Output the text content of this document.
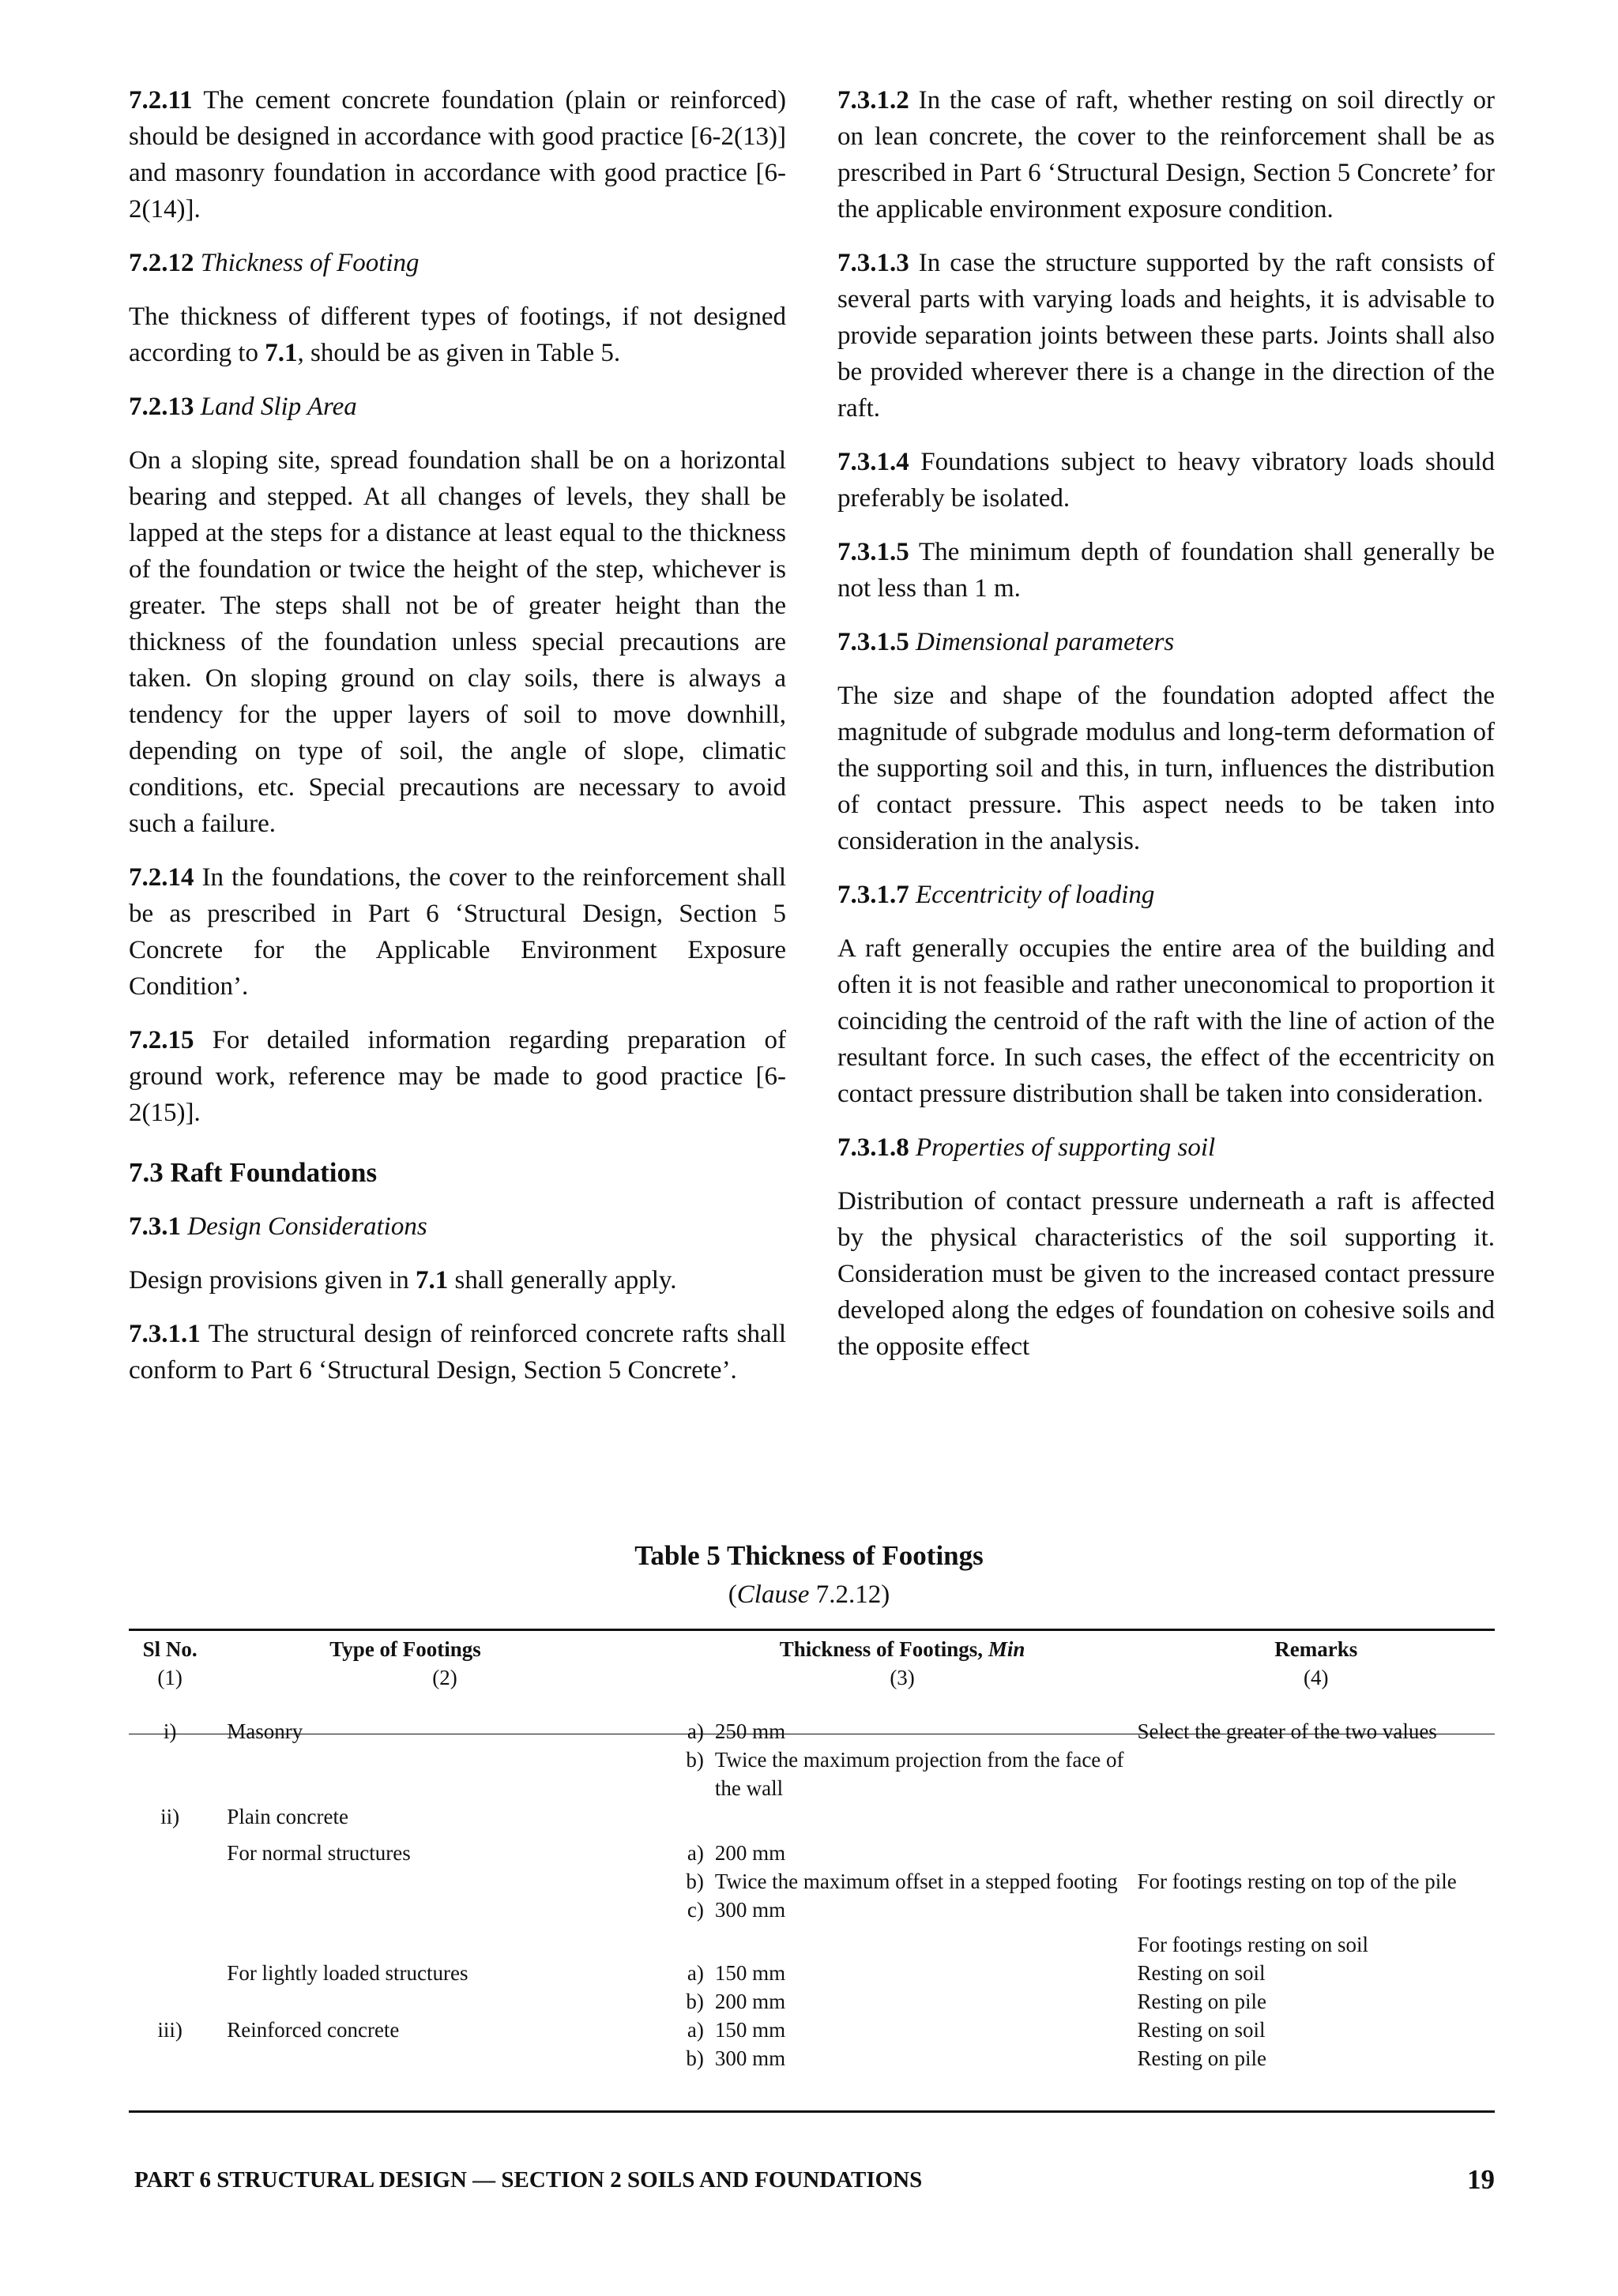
7.2.11 The cement concrete foundation (plain or reinforced) should be designed in accordance with good practice [6-2(13)] and masonry foundation in accordance with good practice [6-2(14)].

7.2.12 Thickness of Footing

The thickness of different types of footings, if not designed according to 7.1, should be as given in Table 5.

7.2.13 Land Slip Area

On a sloping site, spread foundation shall be on a horizontal bearing and stepped. At all changes of levels, they shall be lapped at the steps for a distance at least equal to the thickness of the foundation or twice the height of the step, whichever is greater. The steps shall not be of greater height than the thickness of the foundation unless special precautions are taken. On sloping ground on clay soils, there is always a tendency for the upper layers of soil to move downhill, depending on type of soil, the angle of slope, climatic conditions, etc. Special precautions are necessary to avoid such a failure.

7.2.14 In the foundations, the cover to the reinforcement shall be as prescribed in Part 6 ‘Structural Design, Section 5 Concrete for the Applicable Environment Exposure Condition’.

7.2.15 For detailed information regarding preparation of ground work, reference may be made to good practice [6-2(15)].

7.3 Raft Foundations

7.3.1 Design Considerations

Design provisions given in 7.1 shall generally apply.

7.3.1.1 The structural design of reinforced concrete rafts shall conform to Part 6 ‘Structural Design, Section 5 Concrete’.

7.3.1.2 In the case of raft, whether resting on soil directly or on lean concrete, the cover to the reinforcement shall be as prescribed in Part 6 ‘Structural Design, Section 5 Concrete’ for the applicable environment exposure condition.

7.3.1.3 In case the structure supported by the raft consists of several parts with varying loads and heights, it is advisable to provide separation joints between these parts. Joints shall also be provided wherever there is a change in the direction of the raft.

7.3.1.4 Foundations subject to heavy vibratory loads should preferably be isolated.

7.3.1.5 The minimum depth of foundation shall generally be not less than 1 m.

7.3.1.5 Dimensional parameters

The size and shape of the foundation adopted affect the magnitude of subgrade modulus and long-term deformation of the supporting soil and this, in turn, influences the distribution of contact pressure. This aspect needs to be taken into consideration in the analysis.

7.3.1.7 Eccentricity of loading

A raft generally occupies the entire area of the building and often it is not feasible and rather uneconomical to proportion it coinciding the centroid of the raft with the line of action of the resultant force. In such cases, the effect of the eccentricity on contact pressure distribution shall be taken into consideration.

7.3.1.8 Properties of supporting soil

Distribution of contact pressure underneath a raft is affected by the physical characteristics of the soil supporting it. Consideration must be given to the increased contact pressure developed along the edges of foundation on cohesive soils and the opposite effect

Table 5 Thickness of Footings
(Clause 7.2.12)
Sl No.	Type of Footings	Thickness of Footings, Min		Remarks
(1)	(2)	(3)		(4)

i)	Masonry	a)	250 mm	Select the greater of the two values
		b)	Twice the maximum projection from the face of the wall	
ii)	Plain concrete			
	For normal structures	a)	200 mm	
		b)	Twice the maximum offset in a stepped footing	For footings resting on top of the pile
		c)	300 mm	
				For footings resting on soil
	For lightly loaded structures	a)	150 mm	Resting on soil
		b)	200 mm	Resting on pile
iii)	Reinforced concrete	a)	150 mm	Resting on soil
		b)	300 mm	Resting on pile
PART 6 STRUCTURAL DESIGN — SECTION 2 SOILS AND FOUNDATIONS	19
